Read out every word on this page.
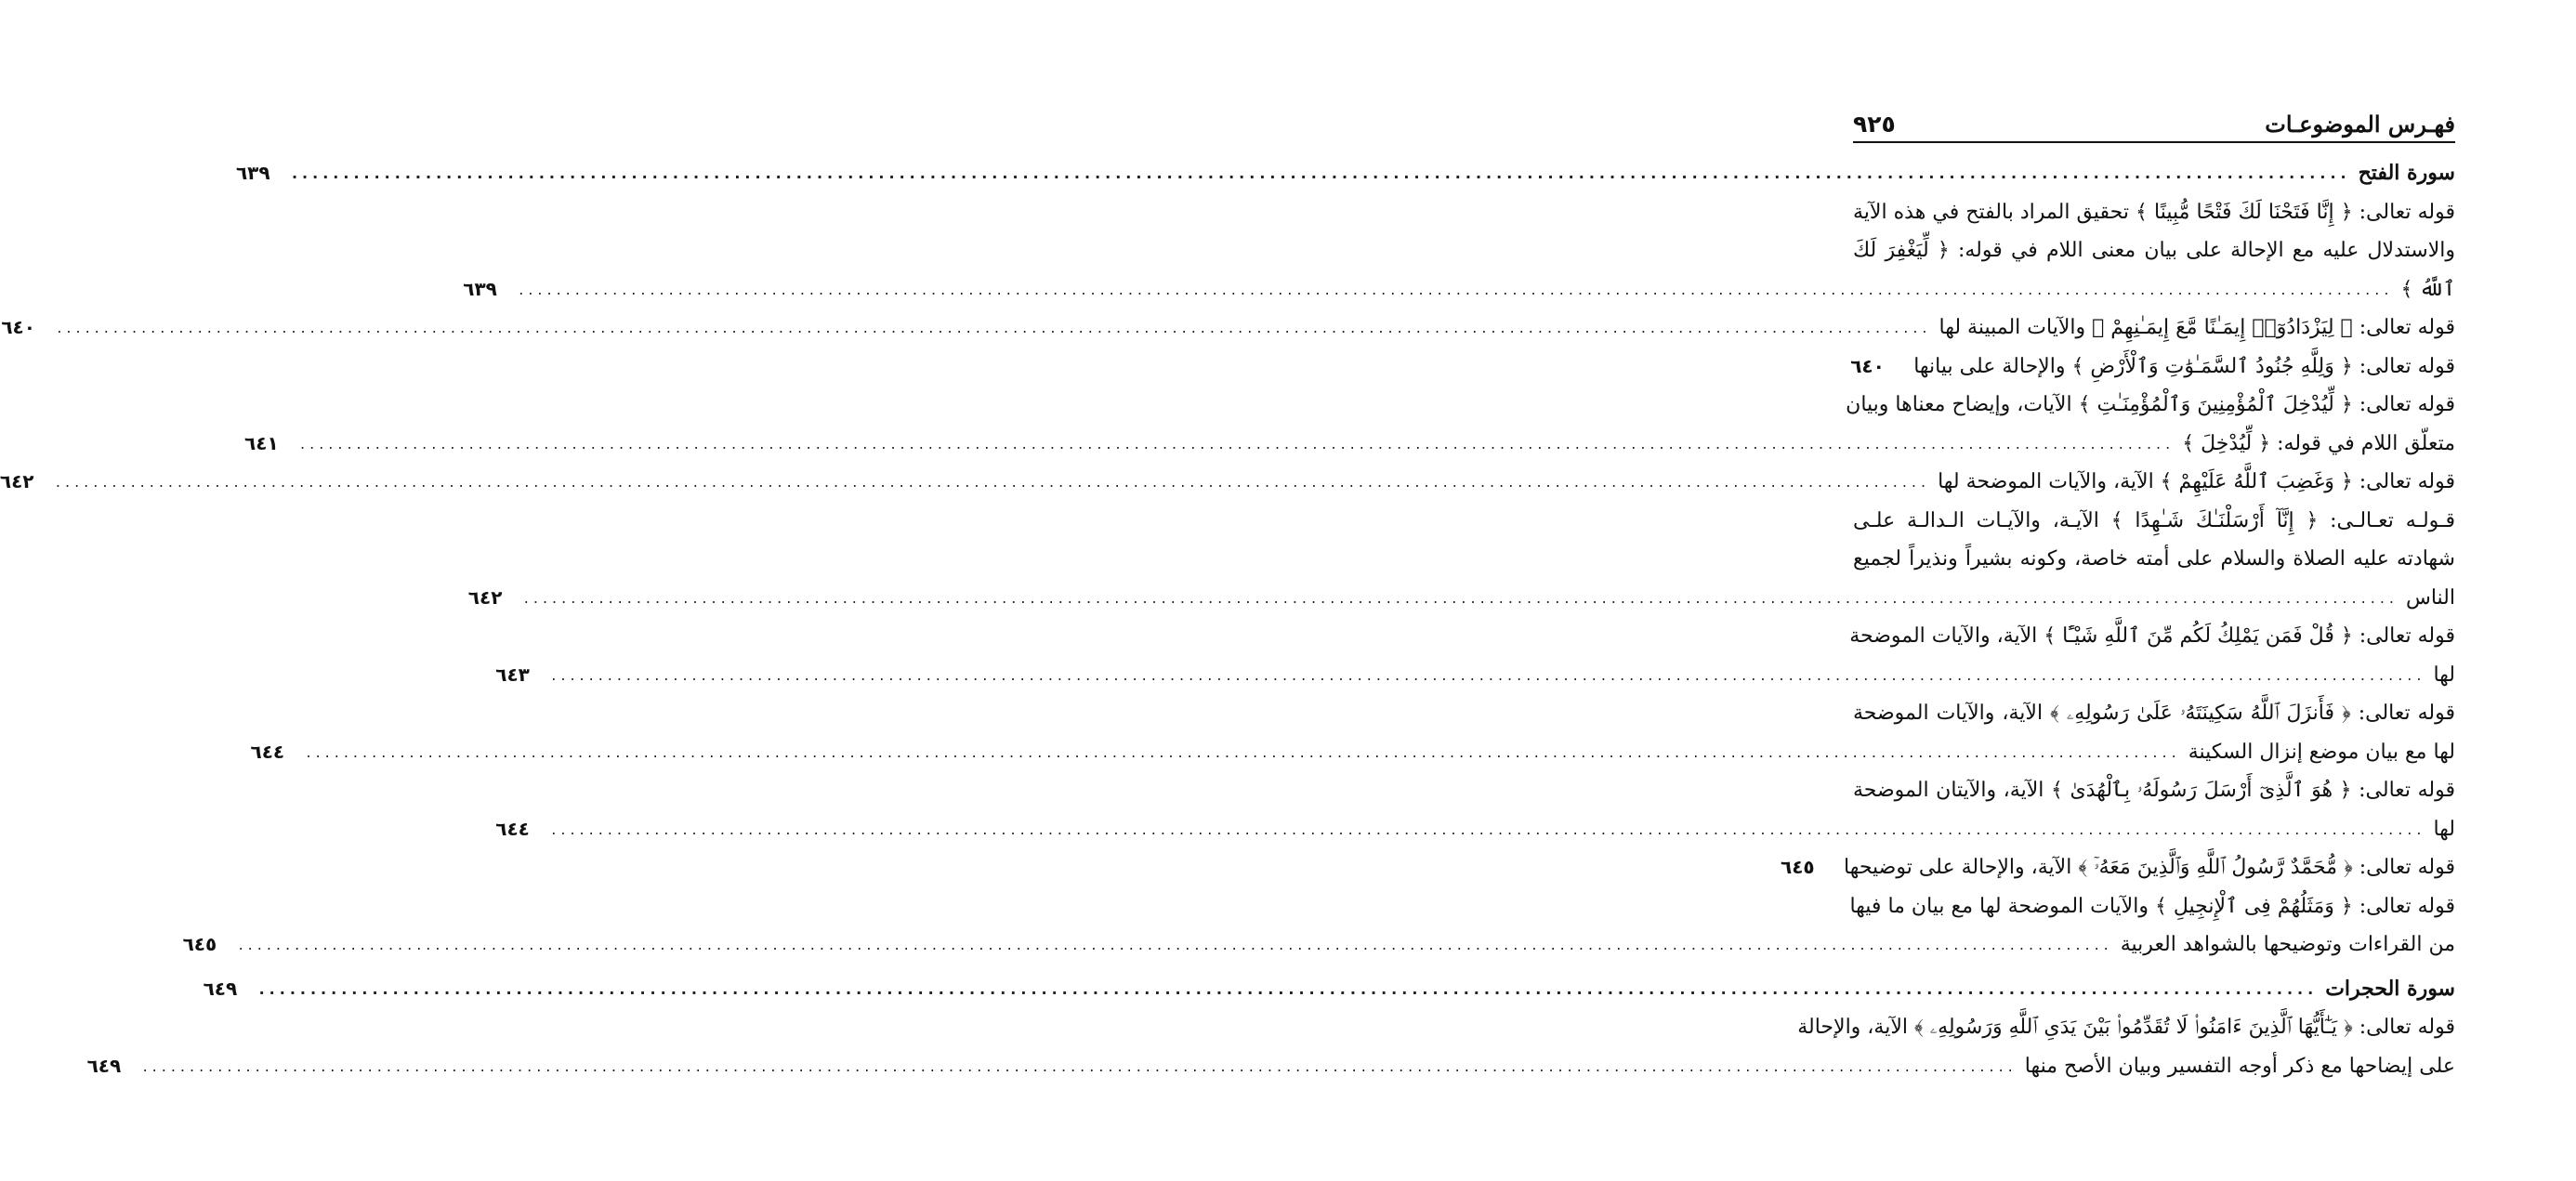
فهـرس الموضوعـات
٩٢٥
سورة الفتح
........................................................................................................................................................................................................
٦٣٩
قوله تعالى: ﴿ إِنَّا فَتَحْنَا لَكَ فَتْحًا مُّبِينًا ﴾ تحقيق المراد بالفتح في هذه الآية
والاستدلال عليه مع الإحالة على بيان معنى اللام في قوله: ﴿ لِّيَغْفِرَ لَكَ
ٱللَّهُ ﴾
........................................................................................................................................................................................................
٦٣٩
قوله تعالى: ﴿ لِيَزْدَادُوٓا۟ إِيمَـٰنًا مَّعَ إِيمَـٰنِهِمْ ﴾ والآيات المبينة لها
........................................................................................................................................................................................................
٦٤٠
قوله تعالى: ﴿ وَلِلَّهِ جُنُودُ ٱلسَّمَـٰوَٰتِ وَٱلْأَرْضِ ﴾ والإحالة على بيانها
٦٤٠
قوله تعالى: ﴿ لِّيُدْخِلَ ٱلْمُؤْمِنِينَ وَٱلْمُؤْمِنَـٰتِ ﴾ الآيات، وإيضاح معناها وبيان
متعلّق اللام في قوله: ﴿ لِّيُدْخِلَ ﴾
........................................................................................................................................................................................................
٦٤١
قوله تعالى: ﴿ وَغَضِبَ ٱللَّهُ عَلَيْهِمْ ﴾ الآية، والآيات الموضحة لها
........................................................................................................................................................................................................
٦٤٢
قـولـه تعـالـى: ﴿ إِنَّآ أَرْسَلْنَـٰكَ شَـٰهِدًا ﴾ الآيـة، والآيـات الـدالـة علـى
شهادته عليه الصلاة والسلام على أمته خاصة، وكونه بشيراً ونذيراً لجميع
الناس
........................................................................................................................................................................................................
٦٤٢
قوله تعالى: ﴿ قُلْ فَمَن يَمْلِكُ لَكُم مِّنَ ٱللَّهِ شَيْـًٔا ﴾ الآية، والآيات الموضحة
لها
........................................................................................................................................................................................................
٦٤٣
قوله تعالى: ﴿ فَأَنزَلَ ٱللَّهُ سَكِينَتَهُۥ عَلَىٰ رَسُولِهِۦ ﴾ الآية، والآيات الموضحة
لها مع بيان موضع إنزال السكينة
........................................................................................................................................................................................................
٦٤٤
قوله تعالى: ﴿ هُوَ ٱلَّذِىٓ أَرْسَلَ رَسُولَهُۥ بِٱلْهُدَىٰ ﴾ الآية، والآيتان الموضحة
لها
........................................................................................................................................................................................................
٦٤٤
قوله تعالى: ﴿ مُّحَمَّدٌ رَّسُولُ ٱللَّهِ وَٱلَّذِينَ مَعَهُۥٓ ﴾ الآية، والإحالة على توضيحها
٦٤٥
قوله تعالى: ﴿ وَمَثَلُهُمْ فِى ٱلْإِنجِيلِ ﴾ والآيات الموضحة لها مع بيان ما فيها
من القراءات وتوضيحها بالشواهد العربية
........................................................................................................................................................................................................
٦٤٥
سورة الحجرات
........................................................................................................................................................................................................
٦٤٩
قوله تعالى: ﴿ يَـٰٓأَيُّهَا ٱلَّذِينَ ءَامَنُوا۟ لَا تُقَدِّمُوا۟ بَيْنَ يَدَىِ ٱللَّهِ وَرَسُولِهِۦ ﴾ الآية، والإحالة
على إيضاحها مع ذكر أوجه التفسير وبيان الأصح منها
........................................................................................................................................................................................................
٦٤٩
